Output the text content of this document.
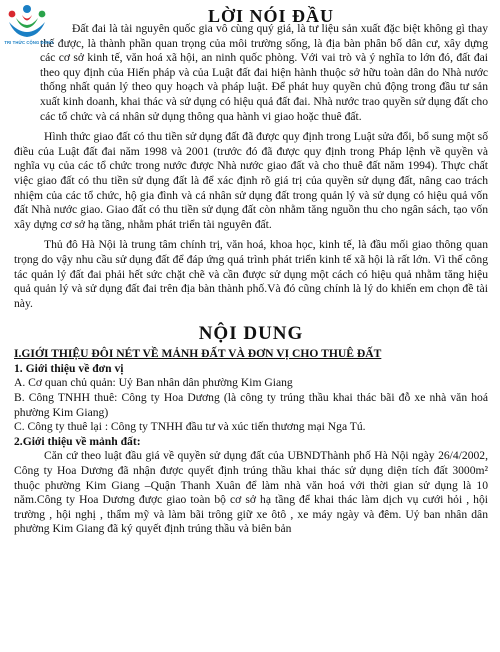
TRI THỨC CỘNG ĐỒNG
LỜI NÓI ĐẦU

Đất đai là tài nguyên quốc gia vô cùng quý giá, là tư liệu sản xuất đặc biệt không gì thay thế được, là thành phần quan trọng của môi trường sống, là địa bàn phân bố dân cư, xây dựng các cơ sở kinh tế, văn hoá xã hội, an ninh quốc phòng. Với vai trò và ý nghĩa to lớn đó, đất đai theo quy định của Hiến pháp và của Luật đất đai hiện hành thuộc sở hữu toàn dân do Nhà nước thống nhất quản lý theo quy hoạch và pháp luật. Để phát huy quyền chủ động trong đầu tư sản xuất kinh doanh, khai thác và sử dụng có hiệu quả đất đai. Nhà nước trao quyền sử dụng đất cho các tổ chức và cá nhân sử dụng thông qua hành vi giao hoặc thuê đất.

Hình thức giao đất có thu tiền sử dụng đất đã được quy định trong Luật sửa đổi, bổ sung một số điều của Luật đất đai năm 1998 và 2001 (trước đó đã được quy định trong Pháp lệnh về quyền và nghĩa vụ của các tổ chức trong nước được Nhà nước giao đất và cho thuê đất năm 1994). Thực chất việc giao đất có thu tiền sử dụng đất là để xác định rõ giá trị của quyền sử dụng đất, nâng cao trách nhiệm của các tổ chức, hộ gia đình và cá nhân sử dụng đất trong quản lý và sử dụng có hiệu quả vốn đất Nhà nước giao. Giao đất có thu tiền sử dụng đất còn nhằm tăng nguồn thu cho ngân sách, tạo vốn xây dựng cơ sở hạ tầng, nhằm phát triển tài nguyên đất.

Thủ đô Hà Nội là trung tâm chính trị, văn hoá, khoa học, kinh tế, là đầu mối giao thông quan trọng do vậy nhu cầu sử dụng đất để đáp ứng quá trình phát triển kinh tế xã hội là rất lớn. Vì thế công tác quản lý đất đai phải hết sức chặt chẽ và cần được sử dụng một cách có hiệu quả nhằm tăng hiệu quả quản lý và sử dụng đất đai trên địa bàn thành phố.Và đó cũng chính là lý do khiến em chọn đề tài này.

NỘI DUNG
I.GIỚI THIỆU ĐÔI NÉT VỀ MẢNH ĐẤT VÀ ĐƠN VỊ CHO THUÊ ĐẤT
1. Giới thiệu về đơn vị
A. Cơ quan chủ quản: Uỷ Ban nhân dân phường Kim Giang
B. Công TNHH thuê: Công ty Hoa Dương (là công ty trúng thầu khai thác bãi đỗ xe nhà văn hoá phường Kim Giang)
C. Công ty thuê lại : Công ty TNHH đầu tư và xúc tiến thương mại Nga Tú.
2.Giới thiệu về mảnh đất:

Căn cứ theo luật đầu giá về quyền sử dụng đất của UBNDThành phố Hà Nội ngày 26/4/2002, Công ty Hoa Dương đã nhận được quyết định trúng thầu khai thác sử dụng diện tích đất 3000m² thuộc phường Kim Giang –Quận Thanh Xuân để làm nhà văn hoá với thời gian sử dụng là 10 năm.Công ty Hoa Dương được giao toàn bộ cơ sở hạ tầng để khai thác làm dịch vụ cưới hỏi , hội trường , hội nghị , thẩm mỹ và làm bãi trông giữ xe ôtô , xe máy ngày và đêm. Uỷ ban nhân dân phường Kim Giang đã ký quyết định trúng thầu và biên bản
